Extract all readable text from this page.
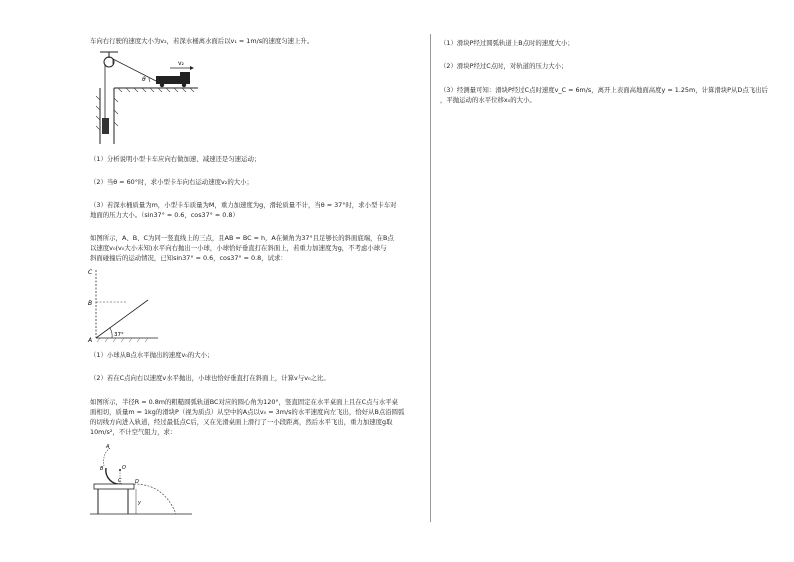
车向右行驶的速度大小为v₂，若深水桶离水面后以v₁ = 1m/s的速度匀速上升。

v₂
θ

（1）分析说明小型卡车应向右做加速、减速还是匀速运动；

（2）当θ = 60°时，求小型卡车向右运动速度v₂的大小；

（3）若深水桶质量为m，小型卡车质量为M，重力加速度为g，滑轮质量不计，当θ = 37°时，求小型卡车对

地面的压力大小。（sin37° = 0.6，cos37° = 0.8）

如图所示，A、B、C为同一竖直线上的三点，且AB = BC = h，A在倾角为37°且足够长的斜面底端，在B点

以速度v₀(v₀大小未知)水平向右抛出一小球，小球恰好垂直打在斜面上，若重力加速度为g，不考虑小球与

斜面碰撞后的运动情况，已知sin37° = 0.6，cos37° = 0.8，试求：

37°
C
B
A

（1）小球从B点水平抛出的速度v₀的大小；

（2）若在C点向右以速度v水平抛出，小球也恰好垂直打在斜面上，计算v与v₀之比。

如图所示，半径R = 0.8m的粗糙圆弧轨道BC对应的圆心角为120°，竖直固定在水平桌面上且在C点与水平桌

面相切，质量m = 1kg的滑块P（视为质点）从空中的A点以v₀ = 3m/s的水平速度向左飞出，恰好从B点沿圆弧

的切线方向进入轨道，经过最低点C后，又在光滑桌面上滑行了一小段距离，然后水平飞出，重力加速度g取

10m/s²，不计空气阻力，求：

A
B	O
C	D
y

（1）滑块P经过圆弧轨道上B点时的速度大小；

（2）滑块P经过C点时，对轨道的压力大小；

（3）经测量可知：滑块P经过C点时速度v_C = 6m/s，离开上表面高地面高度y = 1.25m，计算滑块P从D点飞出后

，平抛运动的水平位移x₀的大小。
